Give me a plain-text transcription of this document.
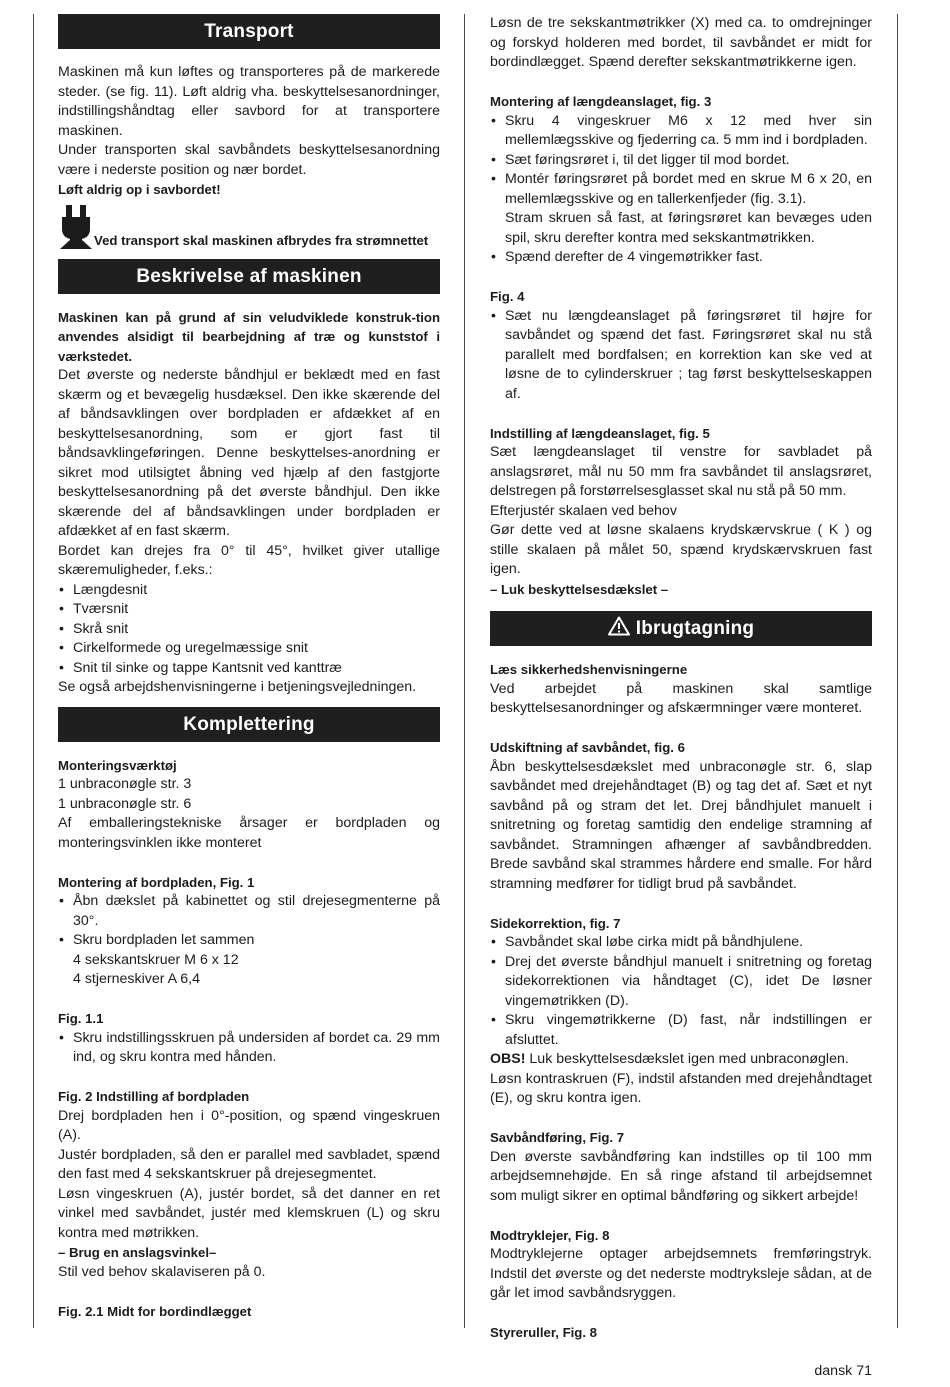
Transport

Maskinen må kun løftes og transporteres på de markerede steder. (se fig. 11). Løft aldrig vha. beskyttelsesanordninger, indstillingshåndtag eller savbord for at transportere maskinen.

Under transporten skal savbåndets beskyttelsesanordning være i nederste position og nær bordet.

Løft aldrig op i savbordet!

Ved transport skal maskinen afbrydes fra strømnettet
Beskrivelse af maskinen

Maskinen kan på grund af sin veludviklede konstruk-tion anvendes alsidigt til bearbejdning af træ og kunststof i værkstedet.

Det øverste og nederste båndhjul er beklædt med en fast skærm og et bevægelig husdæksel. Den ikke skærende del af båndsavklingen over bordpladen er afdækket af en beskyttelsesanordning, som er gjort fast til båndsavklingeføringen. Denne beskyttelses-anordning er sikret mod utilsigtet åbning ved hjælp af den fastgjorte beskyttelsesanordning på det øverste båndhjul. Den ikke skærende del af båndsavklingen under bordpladen er afdækket af en fast skærm.

Bordet kan drejes fra 0° til 45°, hvilket giver utallige skæremuligheder, f.eks.:

• Længdesnit
• Tværsnit
• Skrå snit
• Cirkelformede og uregelmæssige snit
• Snit til sinke og tappe Kantsnit ved kanttræ

Se også arbejdshenvisningerne i betjeningsvejledningen.

Komplettering

Monteringsværktøj

1 unbraconøgle str. 3

1 unbraconøgle str. 6

Af emballeringstekniske årsager er bordpladen og monteringsvinklen ikke monteret

Montering af bordpladen, Fig. 1

• Åbn dækslet på kabinettet og stil drejesegmenterne på 30°.
• Skru bordpladen let sammen

4 sekskantskruer M 6 x 12

4 stjerneskiver A 6,4

Fig. 1.1

• Skru indstillingsskruen på undersiden af bordet ca. 29 mm ind, og skru kontra med hånden.

Fig. 2 Indstilling af bordpladen

Drej bordpladen hen i 0°-position, og spænd vingeskruen (A).

Justér bordpladen, så den er parallel med savbladet, spænd den fast med 4 sekskantskruer på drejesegmentet.

Løsn vingeskruen (A), justér bordet, så det danner en ret vinkel med savbåndet, justér med klemskruen (L) og skru kontra med møtrikken.

– Brug en anslagsvinkel–

Stil ved behov skalaviseren på 0.

Fig. 2.1 Midt for bordindlægget

Løsn de tre sekskantmøtrikker (X) med ca. to omdrejninger og forskyd holderen med bordet, til savbåndet er midt for bordindlægget. Spænd derefter sekskantmøtrikkerne igen.

Montering af længdeanslaget, fig. 3

• Skru 4 vingeskruer M6 x 12 med hver sin mellemlægsskive og fjederring ca. 5 mm ind i bordpladen.
• Sæt føringsrøret i, til det ligger til mod bordet.
• Montér føringsrøret på bordet med en skrue M 6 x 20, en mellemlægsskive og en tallerkenfjeder (fig. 3.1).

Stram skruen så fast, at føringsrøret kan bevæges uden spil, skru derefter kontra med sekskantmøtrikken.

• Spænd derefter de 4 vingemøtrikker fast.

Fig. 4

• Sæt nu længdeanslaget på føringsrøret til højre for savbåndet og spænd det fast. Føringsrøret skal nu stå parallelt med bordfalsen; en korrektion kan ske ved at løsne de to cylinderskruer ; tag først beskyttelseskappen af.

Indstilling af længdeanslaget, fig. 5

Sæt længdeanslaget til venstre for savbladet på anslagsrøret, mål nu 50 mm fra savbåndet til anslagsrøret, delstregen på forstørrelsesglasset skal nu stå på 50 mm.

Efterjustér skalaen ved behov

Gør dette ved at løsne skalaens krydskærvskrue ( K ) og stille skalaen på målet 50, spænd krydskærvskruen fast igen.

– Luk beskyttelsesdækslet –

Ibrugtagning

Læs sikkerhedshenvisningerne

Ved arbejdet på maskinen skal samtlige beskyttelsesanordninger og afskærmninger være monteret.

Udskiftning af savbåndet, fig. 6

Åbn beskyttelsesdækslet med unbraconøgle str. 6, slap savbåndet med drejehåndtaget (B) og tag det af. Sæt et nyt savbånd på og stram det let. Drej båndhjulet manuelt i snitretning og foretag samtidig den endelige stramning af savbåndet. Stramningen afhænger af savbåndbredden. Brede savbånd skal strammes hårdere end smalle. For hård stramning medfører for tidligt brud på savbåndet.

Sidekorrektion, fig. 7

• Savbåndet skal løbe cirka midt på båndhjulene.
• Drej det øverste båndhjul manuelt i snitretning og foretag sidekorrektionen via håndtaget (C), idet De løsner vingemøtrikken (D).
• Skru vingemøtrikkerne (D) fast, når indstillingen er afsluttet.

OBS! Luk beskyttelsesdækslet igen med unbraconøglen.

Løsn kontraskruen (F), indstil afstanden med drejehåndtaget (E), og skru kontra igen.

Savbåndføring, Fig. 7

Den øverste savbåndføring kan indstilles op til 100 mm arbejdsemnehøjde. En så ringe afstand til arbejdsemnet som muligt sikrer en optimal båndføring og sikkert arbejde!

Modtryklejer, Fig. 8

Modtryklejerne optager arbejdsemnets fremføringstryk. Indstil det øverste og det nederste modtryksleje sådan, at de går let imod savbåndsryggen.

Styreruller, Fig. 8

dansk 71
